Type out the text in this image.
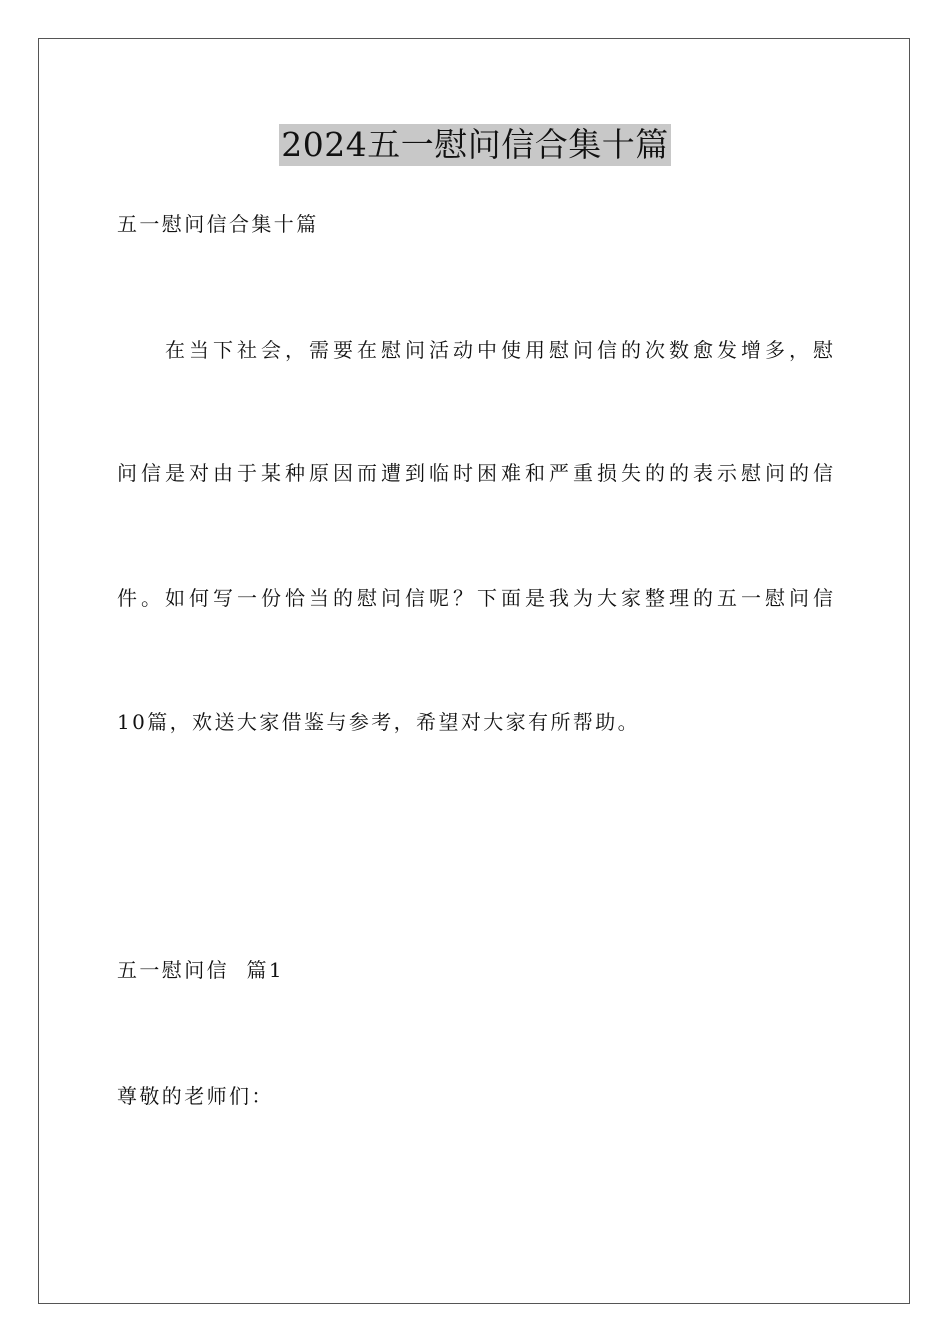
2024五一慰问信合集十篇
五一慰问信合集十篇
在当下社会，需要在慰问活动中使用慰问信的次数愈发增多，慰
问信是对由于某种原因而遭到临时困难和严重损失的的表示慰问的信
件。如何写一份恰当的慰问信呢？下面是我为大家整理的五一慰问信
10篇，欢送大家借鉴与参考，希望对大家有所帮助。
五一慰问信  篇1
尊敬的老师们：
